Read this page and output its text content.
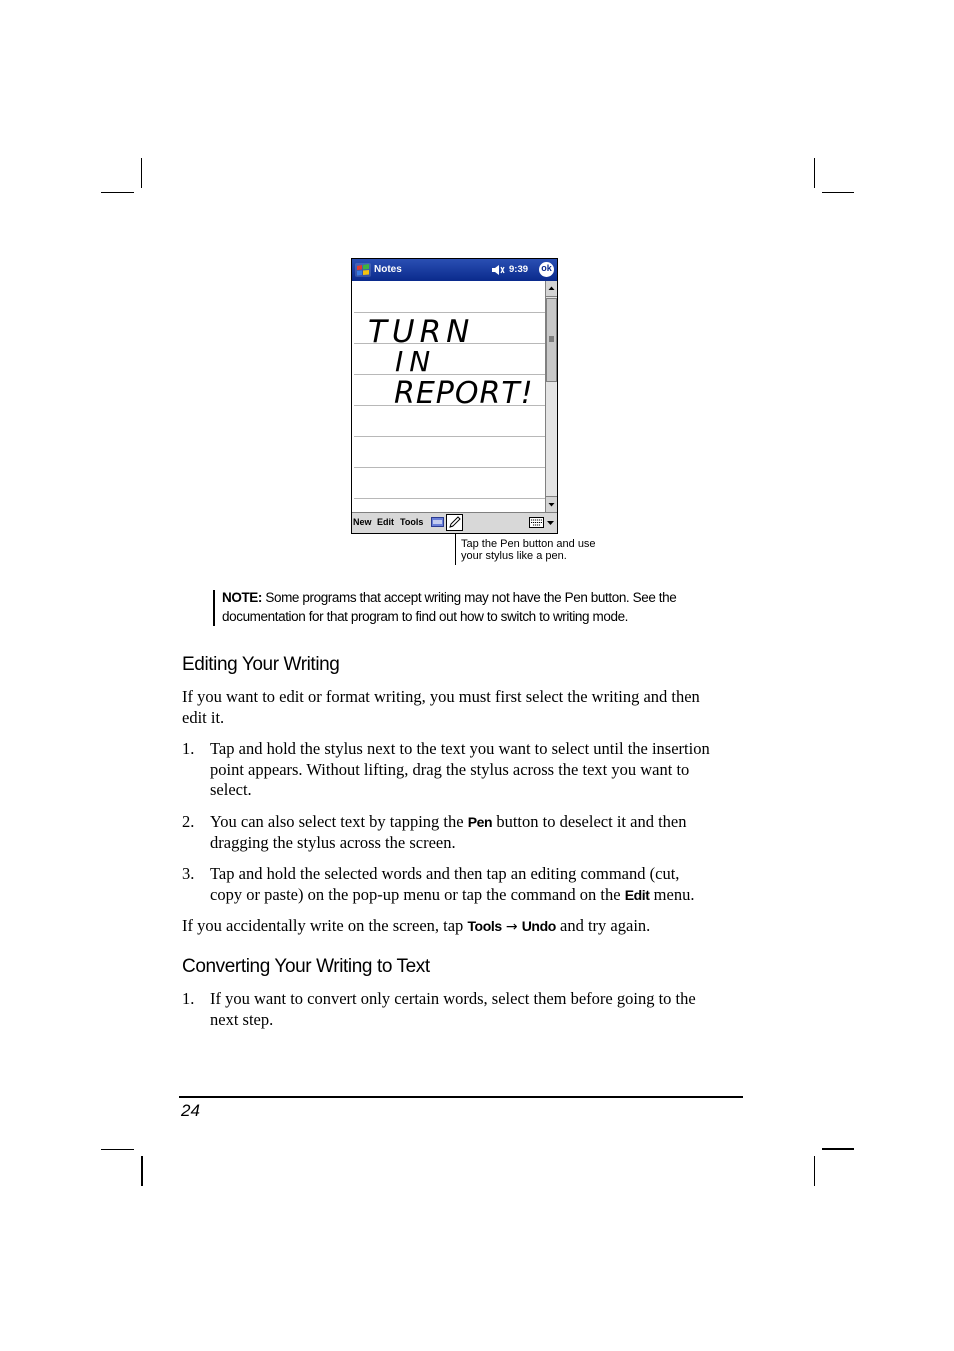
Notes	9:39 ok
TURN
IN
REPORT!
New Edit Tools
Tap the Pen button and use
your stylus like a pen.
NOTE: Some programs that accept writing may not have the Pen button. See the
documentation for that program to find out how to switch to writing mode.
Editing Your Writing
If you want to edit or format writing, you must first select the writing and then
edit it.
1. Tap and hold the stylus next to the text you want to select until the insertion
point appears. Without lifting, drag the stylus across the text you want to
select.
2. You can also select text by tapping the Pen button to deselect it and then
dragging the stylus across the screen.
3. Tap and hold the selected words and then tap an editing command (cut,
copy or paste) on the pop-up menu or tap the command on the Edit menu.
If you accidentally write on the screen, tap Tools → Undo and try again.
Converting Your Writing to Text
1. If you want to convert only certain words, select them before going to the
next step.
24
